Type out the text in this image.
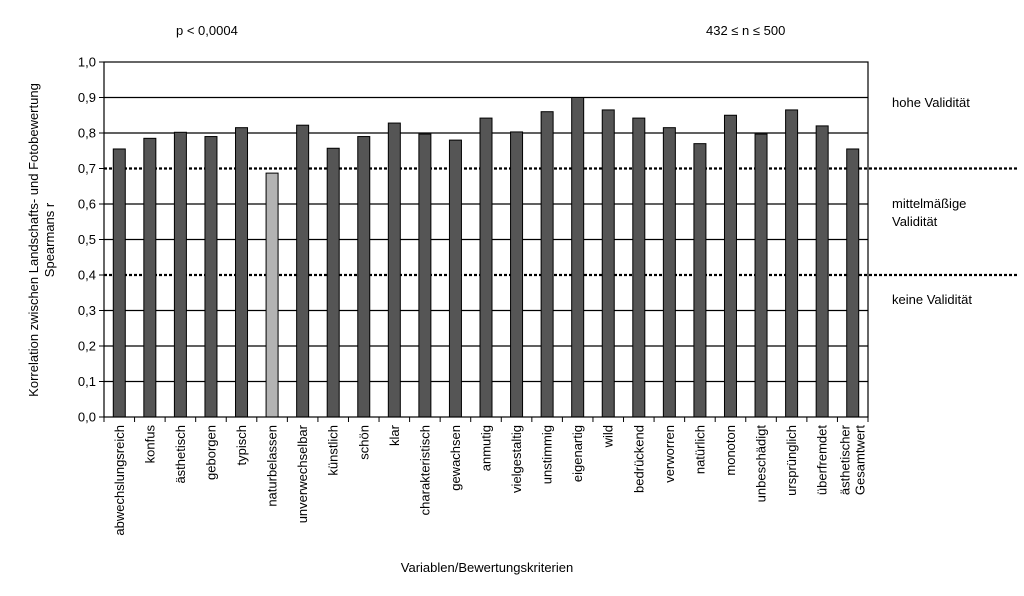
p < 0,0004	432 ≤ n ≤ 500
0,0
0,1
0,2
0,3
0,4
0,5
0,6
0,7
0,8
0,9
1,0
abwechslungsreich konfus ästhetisch geborgen typisch naturbelassen unverwechselbar künstlich schön klar charakteristisch gewachsen anmutig vielgestaltig unstimmig eigenartig wild bedrückend verworren natürlich monoton unbeschädigt ursprünglich überfremdet ästhetischer Gesamtwert
hohe Validität
mittelmäßige
Validität
keine Validität
Korrelation zwischen Landschafts- und Fotobewertung Spearmans r
Variablen/Bewertungskriterien
